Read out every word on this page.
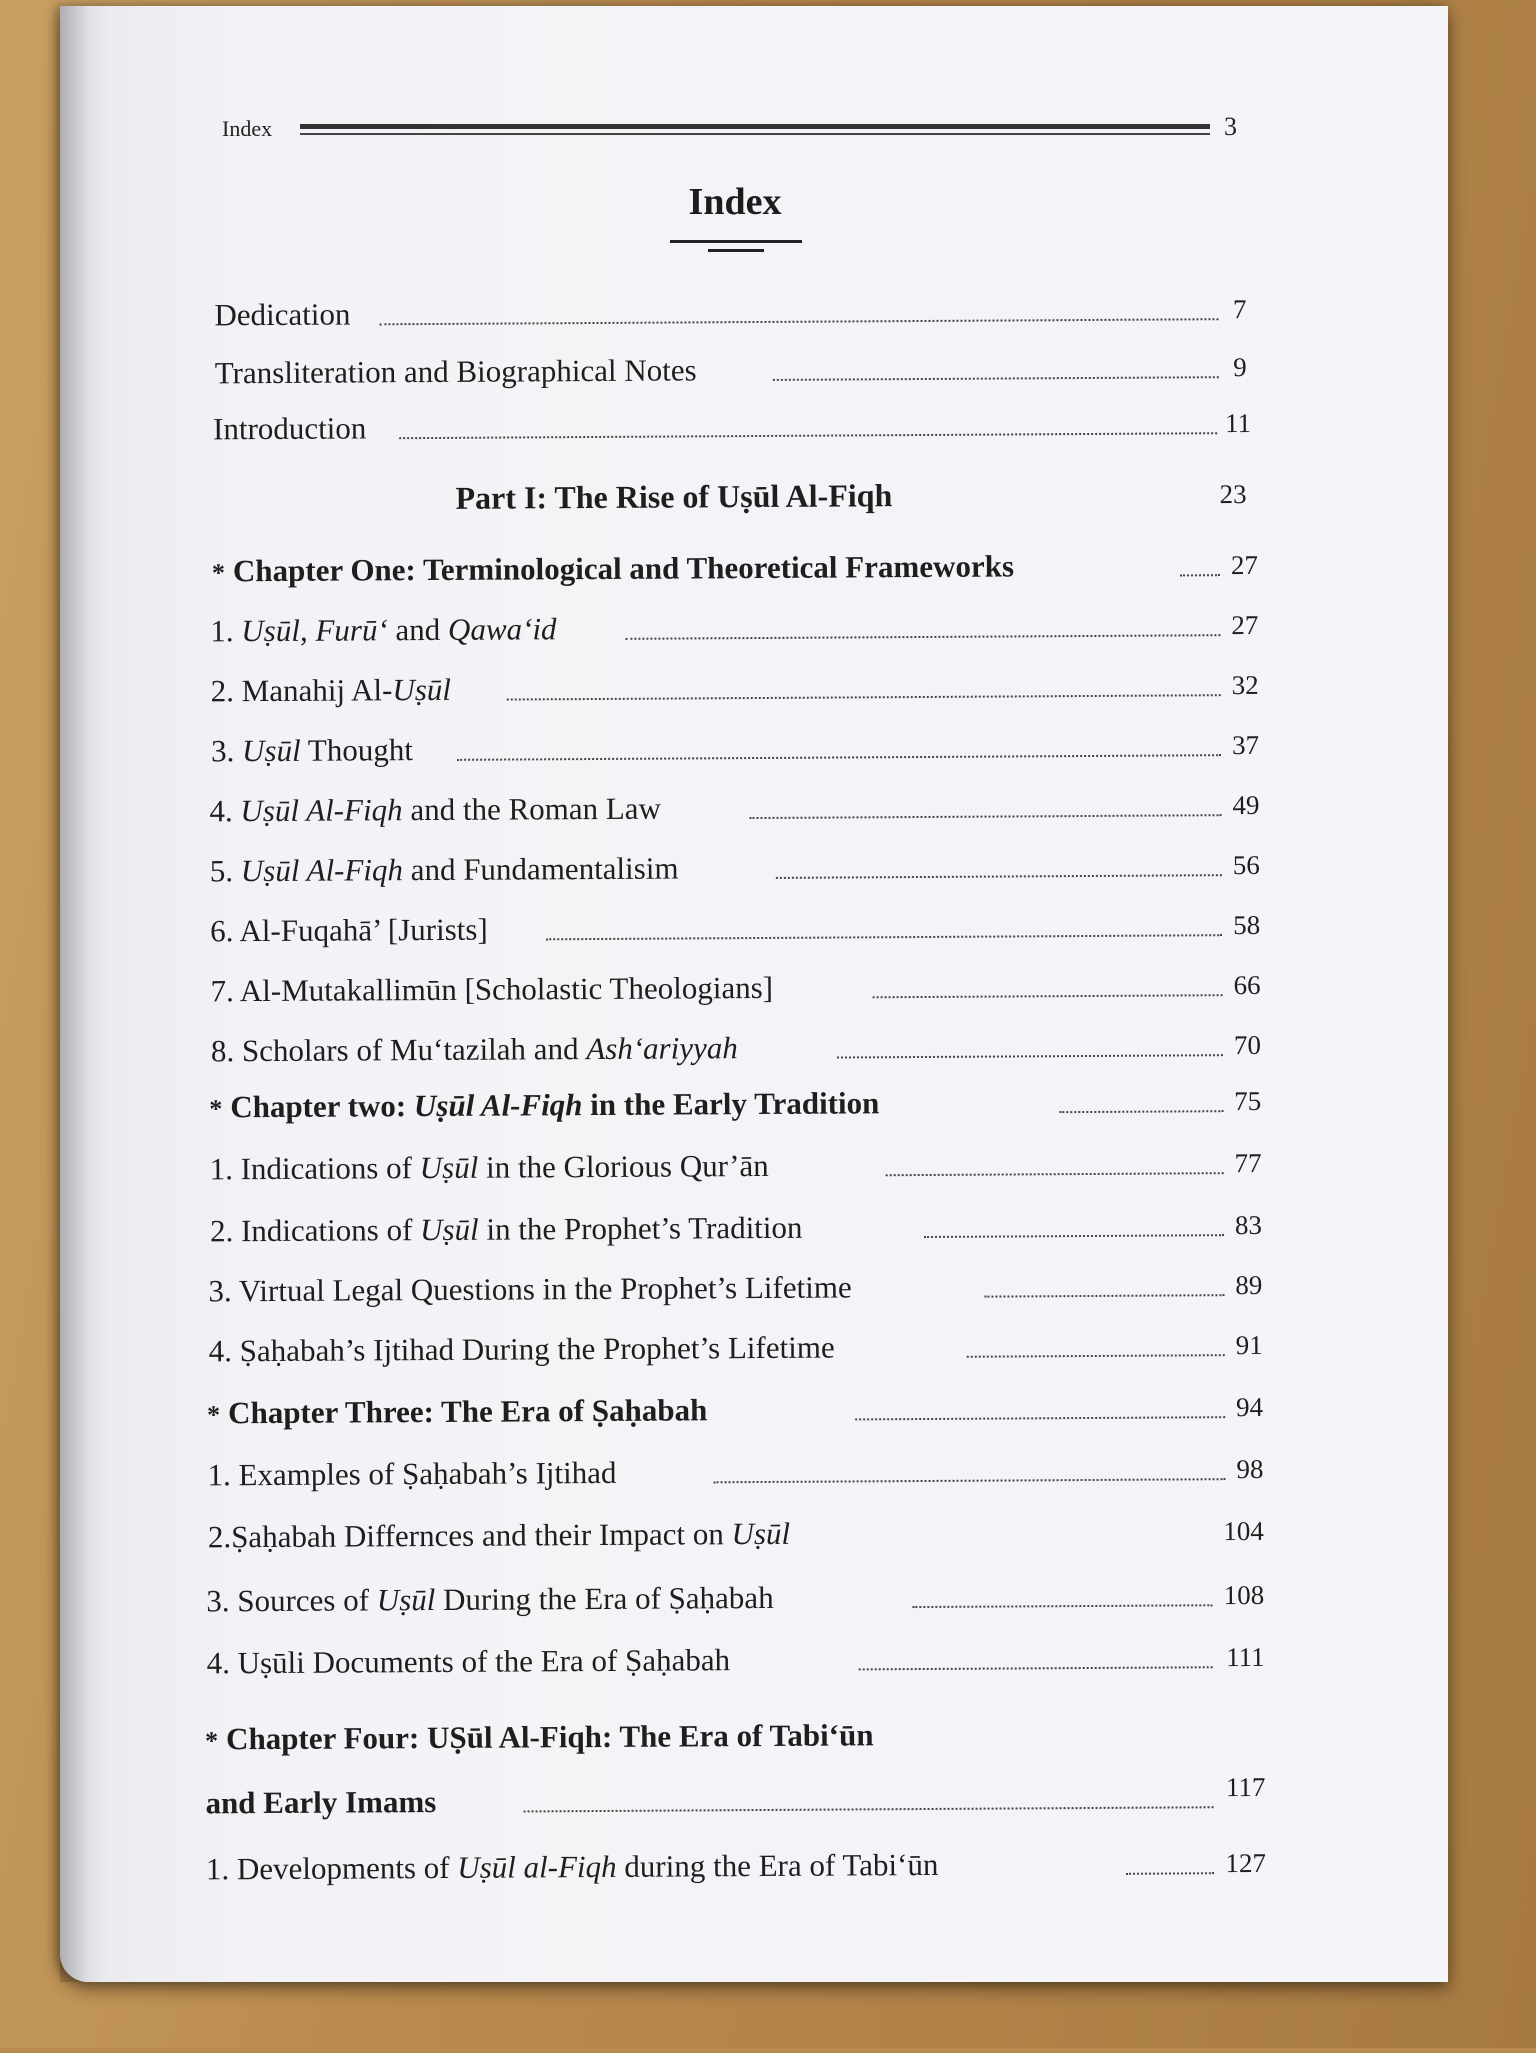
Index	3
Index
Dedication	7
Transliteration and Biographical Notes	9
Introduction	11
Part I: The Rise of Uṣūl Al-Fiqh	23
* Chapter One: Terminological and Theoretical Frameworks	27
1. Uṣūl, Furū‘ and Qawa‘id	27
2. Manahij Al-Uṣūl	32
3. Uṣūl Thought	37
4. Uṣūl Al-Fiqh and the Roman Law	49
5. Uṣūl Al-Fiqh and Fundamentalisim	56
6. Al-Fuqahā’ [Jurists]	58
7. Al-Mutakallimūn [Scholastic Theologians]	66
8. Scholars of Mu‘tazilah and Ash‘ariyyah	70
* Chapter two: Uṣūl Al-Fiqh in the Early Tradition	75
1. Indications of Uṣūl in the Glorious Qur’ān	77
2. Indications of Uṣūl in the Prophet’s Tradition	83
3. Virtual Legal Questions in the Prophet’s Lifetime	89
4. Ṣaḥabah’s Ijtihad During the Prophet’s Lifetime	91
* Chapter Three: The Era of Ṣaḥabah	94
1. Examples of Ṣaḥabah’s Ijtihad	98
2.Ṣaḥabah Differnces and their Impact on Uṣūl	104
3. Sources of Uṣūl During the Era of Ṣaḥabah	108
4. Uṣūli Documents of the Era of Ṣaḥabah	111
* Chapter Four: UṢūl Al-Fiqh: The Era of Tabi‘ūn
and Early Imams	117
1. Developments of Uṣūl al-Fiqh during the Era of Tabi‘ūn	127
